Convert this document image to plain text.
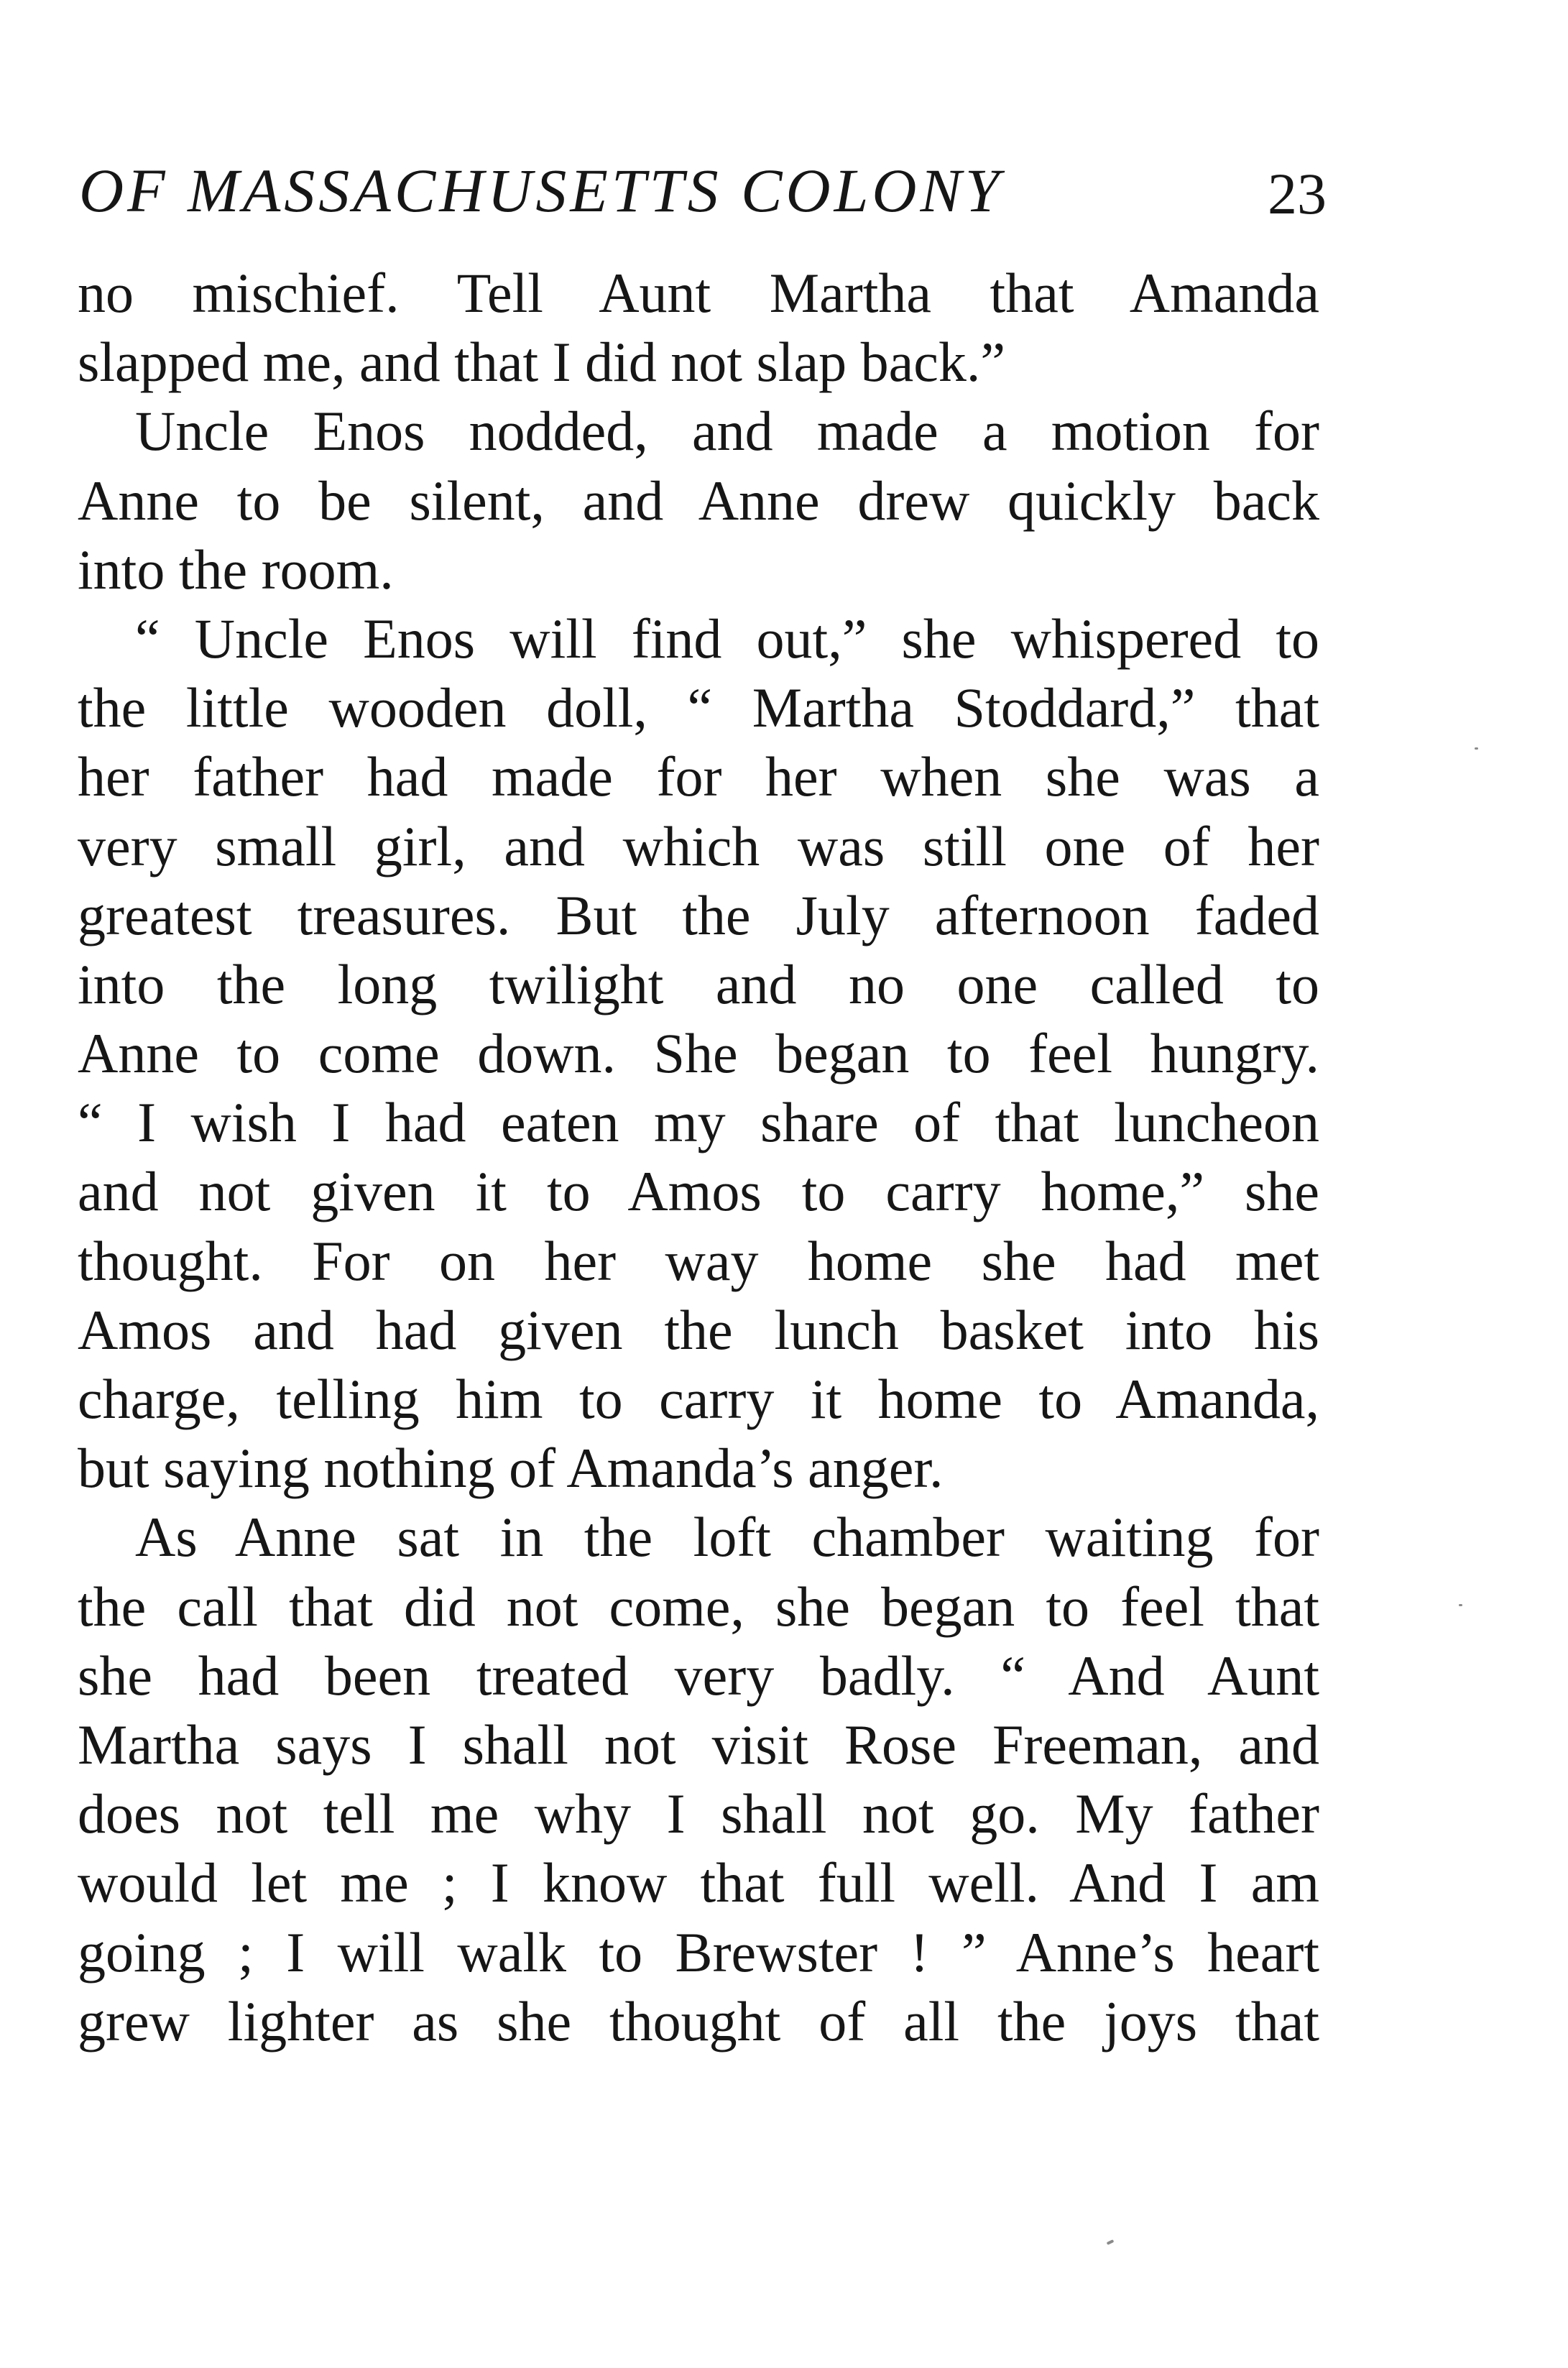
OF MASSACHUSETTS COLONY	23
no mischief. Tell Aunt Martha that Amanda
slapped me, and that I did not slap back.”
Uncle Enos nodded, and made a motion for
Anne to be silent, and Anne drew quickly back
into the room.
“ Uncle Enos will find out,” she whispered to
the little wooden doll, “ Martha Stoddard,” that
her father had made for her when she was a
very small girl, and which was still one of her
greatest treasures. But the July afternoon faded
into the long twilight and no one called to
Anne to come down. She began to feel hungry.
“ I wish I had eaten my share of that luncheon
and not given it to Amos to carry home,” she
thought. For on her way home she had met
Amos and had given the lunch basket into his
charge, telling him to carry it home to Amanda,
but saying nothing of Amanda’s anger.
As Anne sat in the loft chamber waiting for
the call that did not come, she began to feel that
she had been treated very badly. “ And Aunt
Martha says I shall not visit Rose Freeman, and
does not tell me why I shall not go. My father
would let me ; I know that full well. And I am
going ; I will walk to Brewster ! ” Anne’s heart
grew lighter as she thought of all the joys that
